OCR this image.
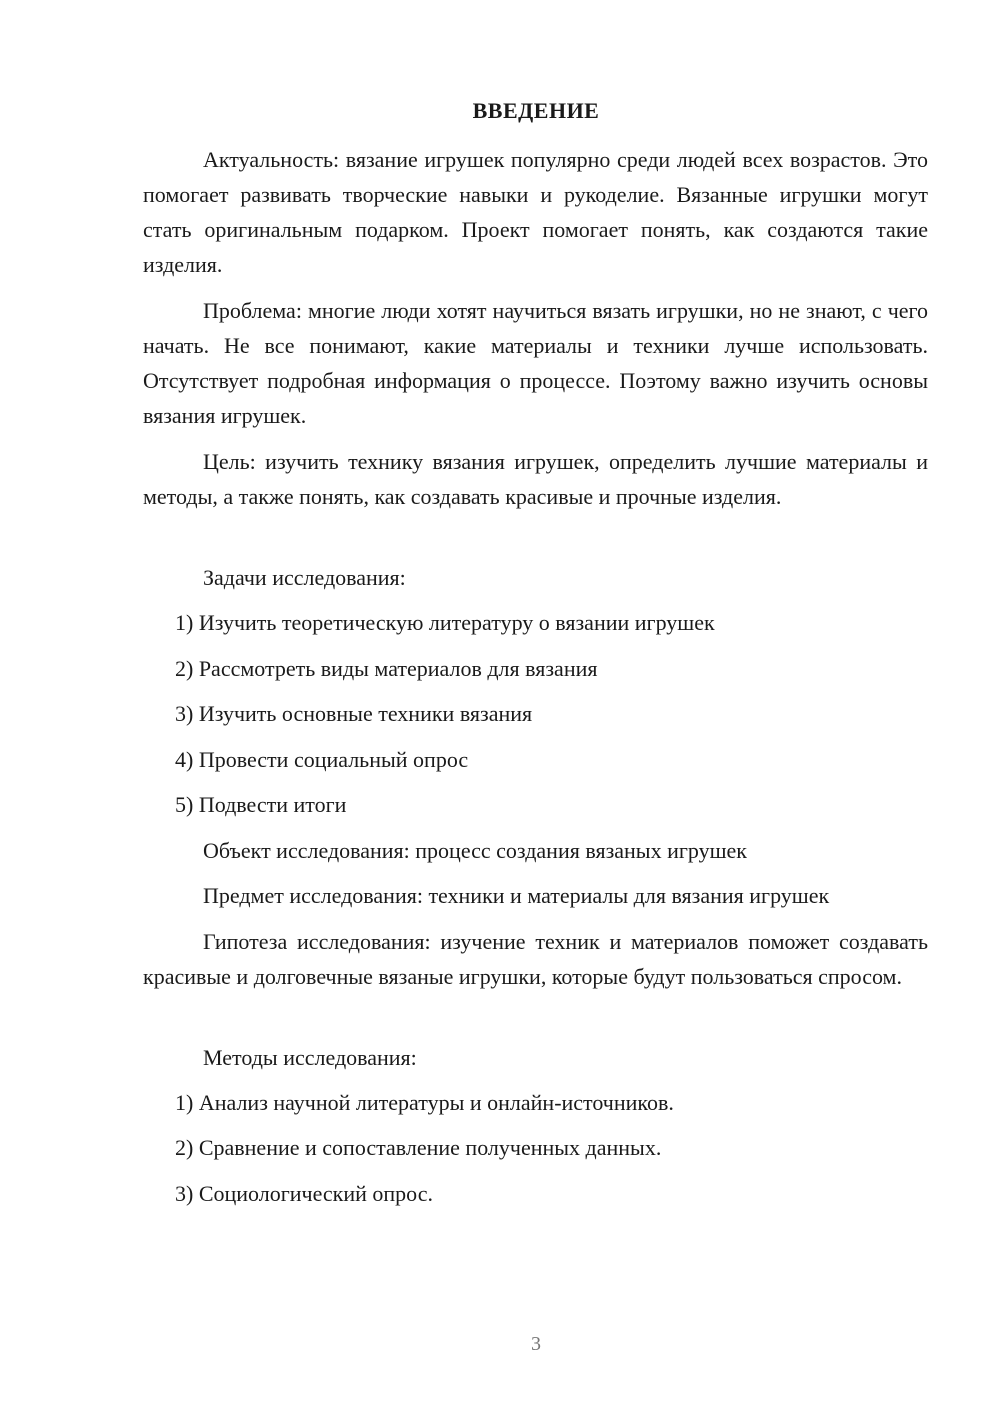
ВВЕДЕНИЕ
Актуальность: вязание игрушек популярно среди людей всех возрастов. Это помогает развивать творческие навыки и рукоделие. Вязанные игрушки могут стать оригинальным подарком. Проект помогает понять, как создаются такие изделия.
Проблема: многие люди хотят научиться вязать игрушки, но не знают, с чего начать. Не все понимают, какие материалы и техники лучше использовать. Отсутствует подробная информация о процессе. Поэтому важно изучить основы вязания игрушек.
Цель: изучить технику вязания игрушек, определить лучшие материалы и методы, а также понять, как создавать красивые и прочные изделия.
Задачи исследования:
1) Изучить теоретическую литературу о вязании игрушек
2) Рассмотреть виды материалов для вязания
3) Изучить основные техники вязания
4) Провести социальный опрос
5) Подвести итоги
Объект исследования: процесс создания вязаных игрушек
Предмет исследования: техники и материалы для вязания игрушек
Гипотеза исследования: изучение техник и материалов поможет создавать красивые и долговечные вязаные игрушки, которые будут пользоваться спросом.
Методы исследования:
1) Анализ научной литературы и онлайн-источников.
2) Сравнение и сопоставление полученных данных.
3) Социологический опрос.
3
